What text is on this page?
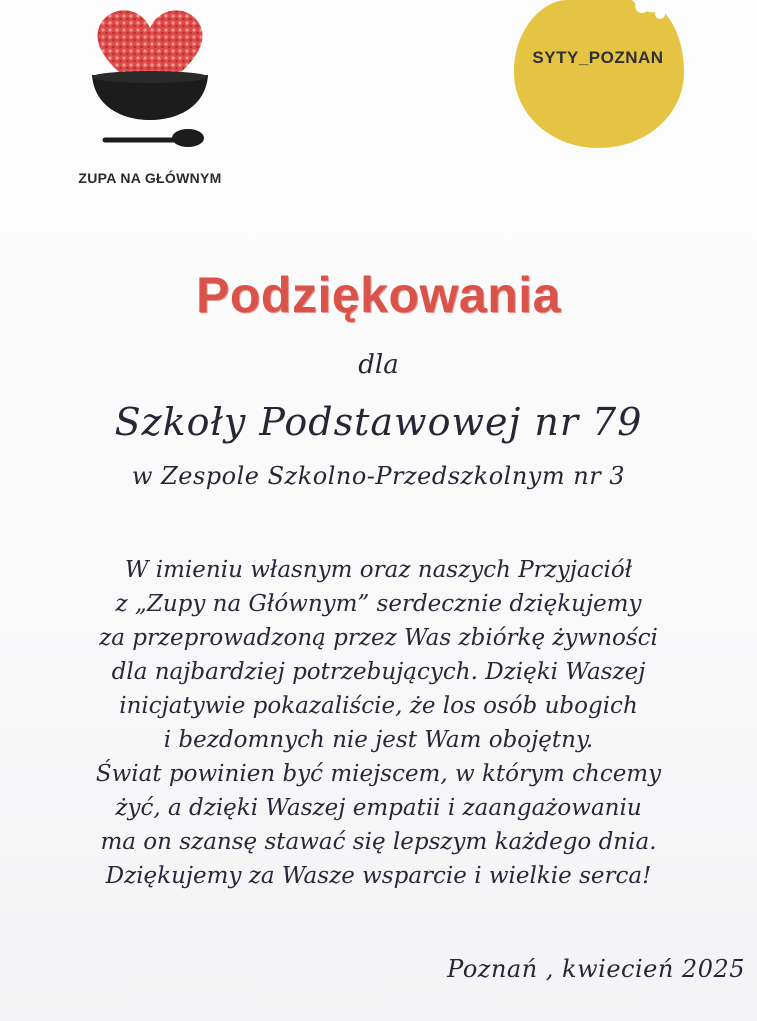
ZUPA NA GŁÓWNYM
SYTY_POZNAN
Podziękowania
dla
Szkoły Podstawowej nr 79
w Zespole Szkolno-Przedszkolnym nr 3
W imieniu własnym oraz naszych Przyjaciół
z „Zupy na Głównym” serdecznie dziękujemy
za przeprowadzoną przez Was zbiórkę żywności
dla najbardziej potrzebujących. Dzięki Waszej
inicjatywie pokazaliście, że los osób ubogich
i bezdomnych nie jest Wam obojętny.
Świat powinien być miejscem, w którym chcemy
żyć, a dzięki Waszej empatii i zaangażowaniu
ma on szansę stawać się lepszym każdego dnia.
Dziękujemy za Wasze wsparcie i wielkie serca!
Poznań , kwiecień 2025
